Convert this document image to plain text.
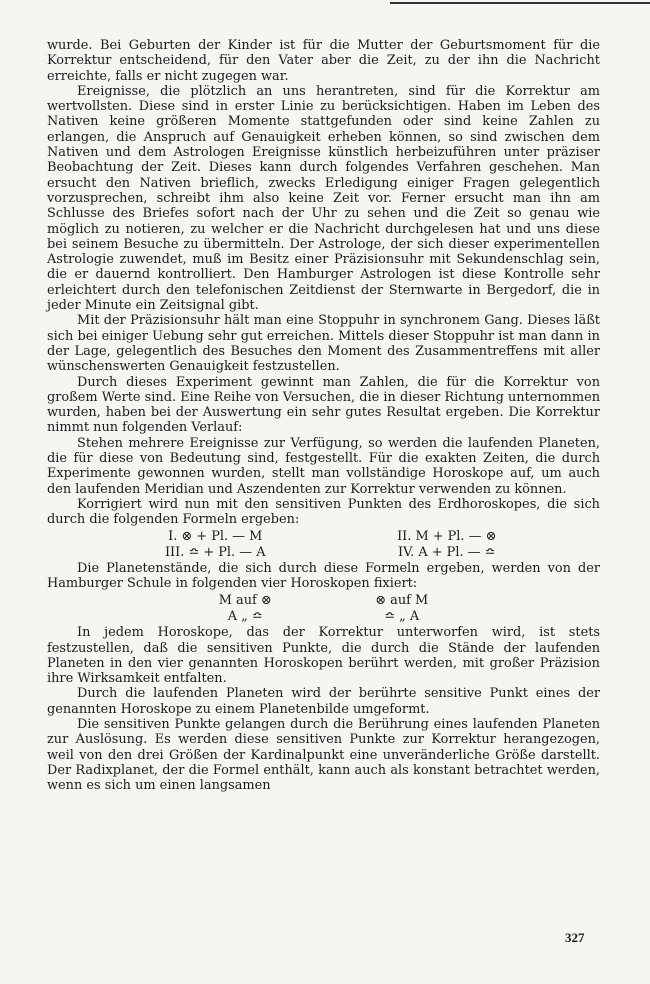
wurde. Bei Geburten der Kinder ist für die Mutter der Geburtsmoment für die Korrektur entscheidend, für den Vater aber die Zeit, zu der ihn die Nachricht erreichte, falls er nicht zugegen war.

Ereignisse, die plötzlich an uns herantreten, sind für die Korrektur am wertvollsten. Diese sind in erster Linie zu berücksichtigen. Haben im Leben des Nativen keine größeren Momente stattgefunden oder sind keine Zahlen zu erlangen, die Anspruch auf Genauigkeit erheben können, so sind zwischen dem Nativen und dem Astrologen Ereignisse künstlich herbeizuführen unter präziser Beobachtung der Zeit. Dieses kann durch folgendes Verfahren geschehen. Man ersucht den Nativen brieflich, zwecks Erledigung einiger Fragen gelegentlich vorzusprechen, schreibt ihm also keine Zeit vor. Ferner ersucht man ihn am Schlusse des Briefes sofort nach der Uhr zu sehen und die Zeit so genau wie möglich zu notieren, zu welcher er die Nachricht durchgelesen hat und uns diese bei seinem Besuche zu übermitteln. Der Astrologe, der sich dieser experimentellen Astrologie zuwendet, muß im Besitz einer Präzisionsuhr mit Sekundenschlag sein, die er dauernd kontrolliert. Den Hamburger Astrologen ist diese Kontrolle sehr erleichtert durch den telefonischen Zeitdienst der Sternwarte in Bergedorf, die in jeder Minute ein Zeitsignal gibt.

Mit der Präzisionsuhr hält man eine Stoppuhr in synchronem Gang. Dieses läßt sich bei einiger Uebung sehr gut erreichen. Mittels dieser Stoppuhr ist man dann in der Lage, gelegentlich des Besuches den Moment des Zusammentreffens mit aller wünschenswerten Genauigkeit festzustellen.

Durch dieses Experiment gewinnt man Zahlen, die für die Korrektur von großem Werte sind. Eine Reihe von Versuchen, die in dieser Richtung unternommen wurden, haben bei der Auswertung ein sehr gutes Resultat ergeben. Die Korrektur nimmt nun folgenden Verlauf:

Stehen mehrere Ereignisse zur Verfügung, so werden die laufenden Planeten, die für diese von Bedeutung sind, festgestellt. Für die exakten Zeiten, die durch Experimente gewonnen wurden, stellt man vollständige Horoskope auf, um auch den laufenden Meridian und Aszendenten zur Korrektur verwenden zu können.

Korrigiert wird nun mit den sensitiven Punkten des Erdhoroskopes, die sich durch die folgenden Formeln ergeben:

I. ⊗ + Pl. — M	II. M + Pl. — ⊗
III. ≏ + Pl. — A	IV. A + Pl. — ≏

Die Planetenstände, die sich durch diese Formeln ergeben, werden von der Hamburger Schule in folgenden vier Horoskopen fixiert:

M auf ⊗	⊗ auf M
A „ ≏	≏ „ A

In jedem Horoskope, das der Korrektur unterworfen wird, ist stets festzustellen, daß die sensitiven Punkte, die durch die Stände der laufenden Planeten in den vier genannten Horoskopen berührt werden, mit großer Präzision ihre Wirksamkeit entfalten.

Durch die laufenden Planeten wird der berührte sensitive Punkt eines der genannten Horoskope zu einem Planetenbilde umgeformt.

Die sensitiven Punkte gelangen durch die Berührung eines laufenden Planeten zur Auslösung. Es werden diese sensitiven Punkte zur Korrektur herangezogen, weil von den drei Größen der Kardinalpunkt eine unveränderliche Größe darstellt. Der Radixplanet, der die Formel enthält, kann auch als konstant betrachtet werden, wenn es sich um einen langsamen

327
